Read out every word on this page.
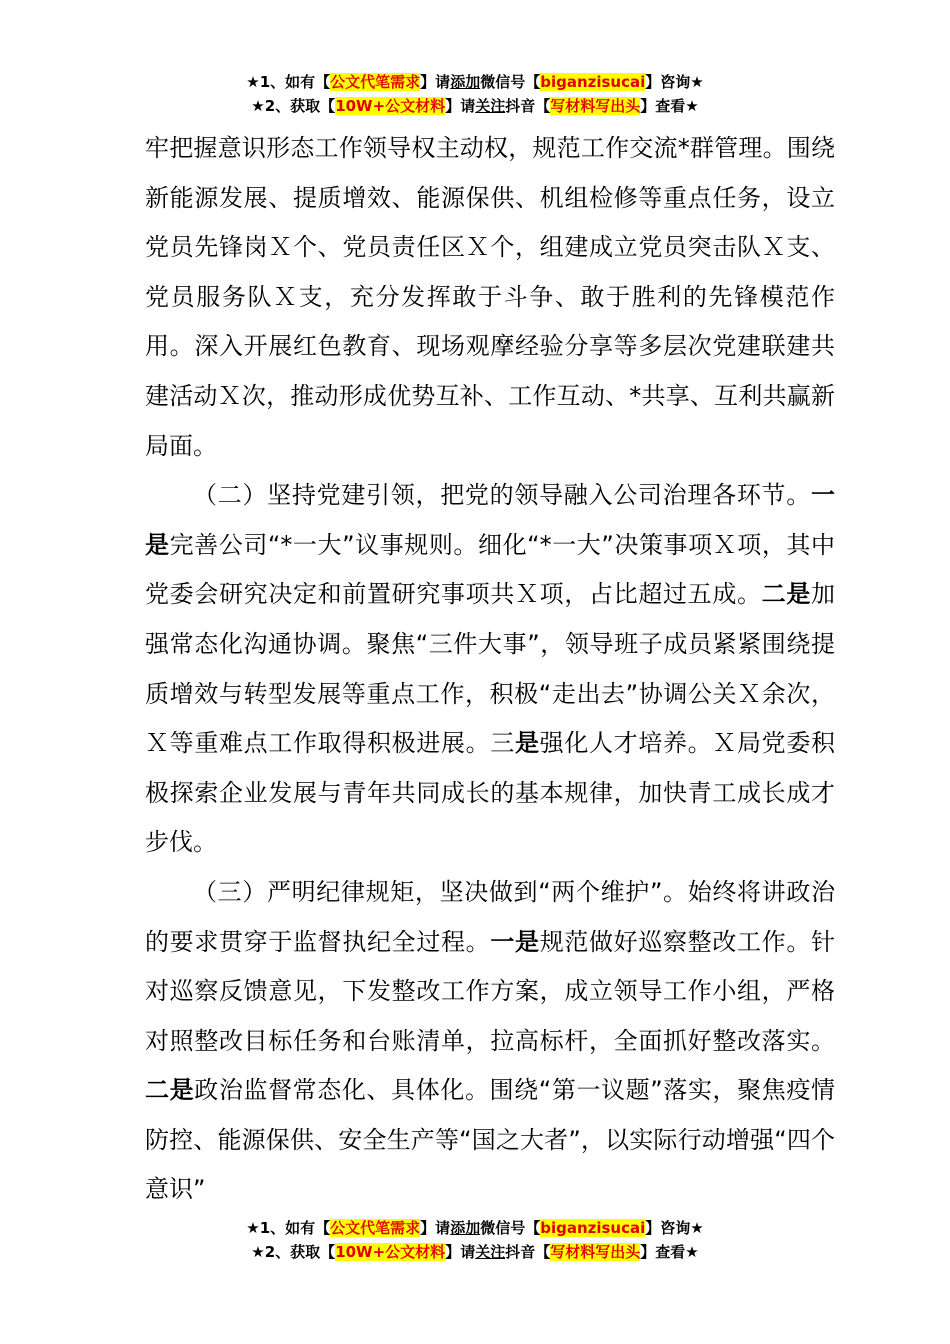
★1、如有【公文代笔需求】请添加微信号【biganzisucai】咨询★
★2、获取【10W+公文材料】请关注抖音【写材料写出头】查看★

牢把握意识形态工作领导权主动权，规范工作交流*群管理。围绕新能源发展、提质增效、能源保供、机组检修等重点任务，设立党员先锋岗Ｘ个、党员责任区Ｘ个，组建成立党员突击队Ｘ支、党员服务队Ｘ支，充分发挥敢于斗争、敢于胜利的先锋模范作用。深入开展红色教育、现场观摩经验分享等多层次党建联建共建活动Ｘ次，推动形成优势互补、工作互动、*共享、互利共赢新局面。

（二）坚持党建引领，把党的领导融入公司治理各环节。一是完善公司“*一大”议事规则。细化“*一大”决策事项Ｘ项，其中党委会研究决定和前置研究事项共Ｘ项，占比超过五成。二是加强常态化沟通协调。聚焦“三件大事”，领导班子成员紧紧围绕提质增效与转型发展等重点工作，积极“走出去”协调公关Ｘ余次，Ｘ等重难点工作取得积极进展。三是强化人才培养。Ｘ局党委积极探索企业发展与青年共同成长的基本规律，加快青工成长成才步伐。

（三）严明纪律规矩，坚决做到“两个维护”。始终将讲政治的要求贯穿于监督执纪全过程。一是规范做好巡察整改工作。针对巡察反馈意见，下发整改工作方案，成立领导工作小组，严格对照整改目标任务和台账清单，拉高标杆，全面抓好整改落实。二是政治监督常态化、具体化。围绕“第一议题”落实，聚焦疫情防控、能源保供、安全生产等“国之大者”，以实际行动增强“四个意识”

★1、如有【公文代笔需求】请添加微信号【biganzisucai】咨询★
★2、获取【10W+公文材料】请关注抖音【写材料写出头】查看★
